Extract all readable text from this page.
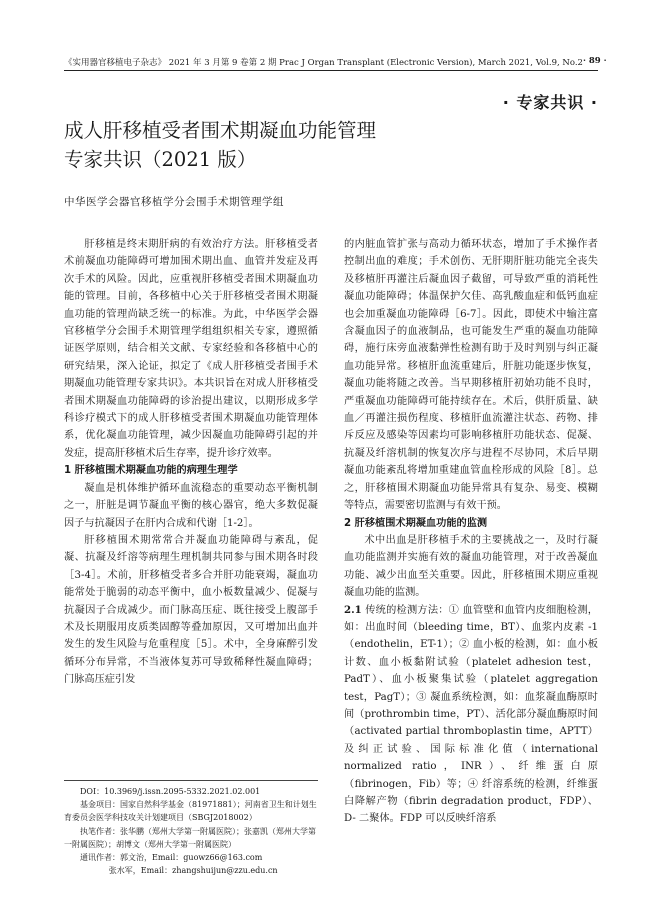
《实用器官移植电子杂志》 2021 年 3 月第 9 卷第 2 期 Prac J Organ Transplant (Electronic Version), March 2021, Vol.9, No.2 · 89 ·
· 专家共识 ·
成人肝移植受者围术期凝血功能管理
专家共识（2021 版）
中华医学会器官移植学分会围手术期管理学组

肝移植是终末期肝病的有效治疗方法。肝移植受者术前凝血功能障碍可增加围术期出血、血管并发症及再次手术的风险。因此，应重视肝移植受者围术期凝血功能的管理。目前，各移植中心关于肝移植受者围术期凝血功能的管理尚缺乏统一的标准。为此，中华医学会器官移植学分会围手术期管理学组组织相关专家，遵照循证医学原则，结合相关文献、专家经验和各移植中心的研究结果，深入论证，拟定了《成人肝移植受者围手术期凝血功能管理专家共识》。本共识旨在对成人肝移植受者围术期凝血功能障碍的诊治提出建议，以期形成多学科诊疗模式下的成人肝移植受者围术期凝血功能管理体系，优化凝血功能管理，减少因凝血功能障碍引起的并发症，提高肝移植术后生存率，提升诊疗效率。

1 肝移植围术期凝血功能的病理生理学

凝血是机体维护循环血流稳态的重要动态平衡机制之一，肝脏是调节凝血平衡的核心器官，绝大多数促凝因子与抗凝因子在肝内合成和代谢［1-2］。

肝移植围术期常常合并凝血功能障碍与紊乱，促凝、抗凝及纤溶等病理生理机制共同参与围术期各时段［3-4］。术前，肝移植受者多合并肝功能衰竭，凝血功能常处于脆弱的动态平衡中，血小板数量减少、促凝与抗凝因子合成减少。而门脉高压症、既往接受上腹部手术及长期服用皮质类固醇等叠加原因，又可增加出血并发生的发生风险与危重程度［5］。术中，全身麻醉引发循环分布异常，不当液体复苏可导致稀释性凝血障碍；门脉高压症引发

DOI：10.3969/j.issn.2095-5332.2021.02.001
基金项目：国家自然科学基金（81971881）；河南省卫生和计划生育委员会医学科技攻关计划建项目（SBGJ2018002）
执笔作者：张华鹏（郑州大学第一附属医院）；张嘉凯（郑州大学第一附属医院）；胡博文（郑州大学第一附属医院）
通讯作者：郭文治，Email：guowz66@163.com
张水军，Email：zhangshuijun@zzu.edu.cn

的内脏血管扩张与高动力循环状态，增加了手术操作者控制出血的难度；手术创伤、无肝期肝脏功能完全丧失及移植肝再灌注后凝血因子截留，可导致严重的消耗性凝血功能障碍；体温保护欠佳、高乳酸血症和低钙血症也会加重凝血功能障碍［6-7］。因此，即使术中输注富含凝血因子的血液制品，也可能发生严重的凝血功能障碍，施行床旁血液黏弹性检测有助于及时判别与纠正凝血功能异常。移植肝血流重建后，肝脏功能逐步恢复，凝血功能将随之改善。当早期移植肝初始功能不良时，严重凝血功能障碍可能持续存在。术后，供肝质量、缺血／再灌注损伤程度、移植肝血流灌注状态、药物、排斥反应及感染等因素均可影响移植肝功能状态、促凝、抗凝及纤溶机制的恢复次序与进程不尽协同，术后早期凝血功能紊乱将增加重建血管血栓形成的风险［8］。总之，肝移植围术期凝血功能异常具有复杂、易变、模糊等特点，需要密切监测与有效干预。

2 肝移植围术期凝血功能的监测

术中出血是肝移植手术的主要挑战之一，及时行凝血功能监测并实施有效的凝血功能管理，对于改善凝血功能、减少出血至关重要。因此，肝移植围术期应重视凝血功能的监测。

2.1 传统的检测方法：① 血管壁和血管内皮细胞检测，如：出血时间（bleeding time，BT）、血浆内皮素 -1（endothelin，ET-1）；② 血小板的检测，如：血小板计数、血小板黏附试验（platelet adhesion test，PadT）、血小板聚集试验（platelet aggregation test，PagT）；③ 凝血系统检测，如：血浆凝血酶原时间（prothrombin time，PT）、活化部分凝血酶原时间（activated partial thromboplastin time，APTT）及纠正试验、国际标准化值（international normalized ratio，INR）、纤维蛋白原（fibrinogen，Fib）等；④ 纤溶系统的检测，纤维蛋白降解产物（fibrin degradation product，FDP）、D- 二聚体。FDP 可以反映纤溶系
